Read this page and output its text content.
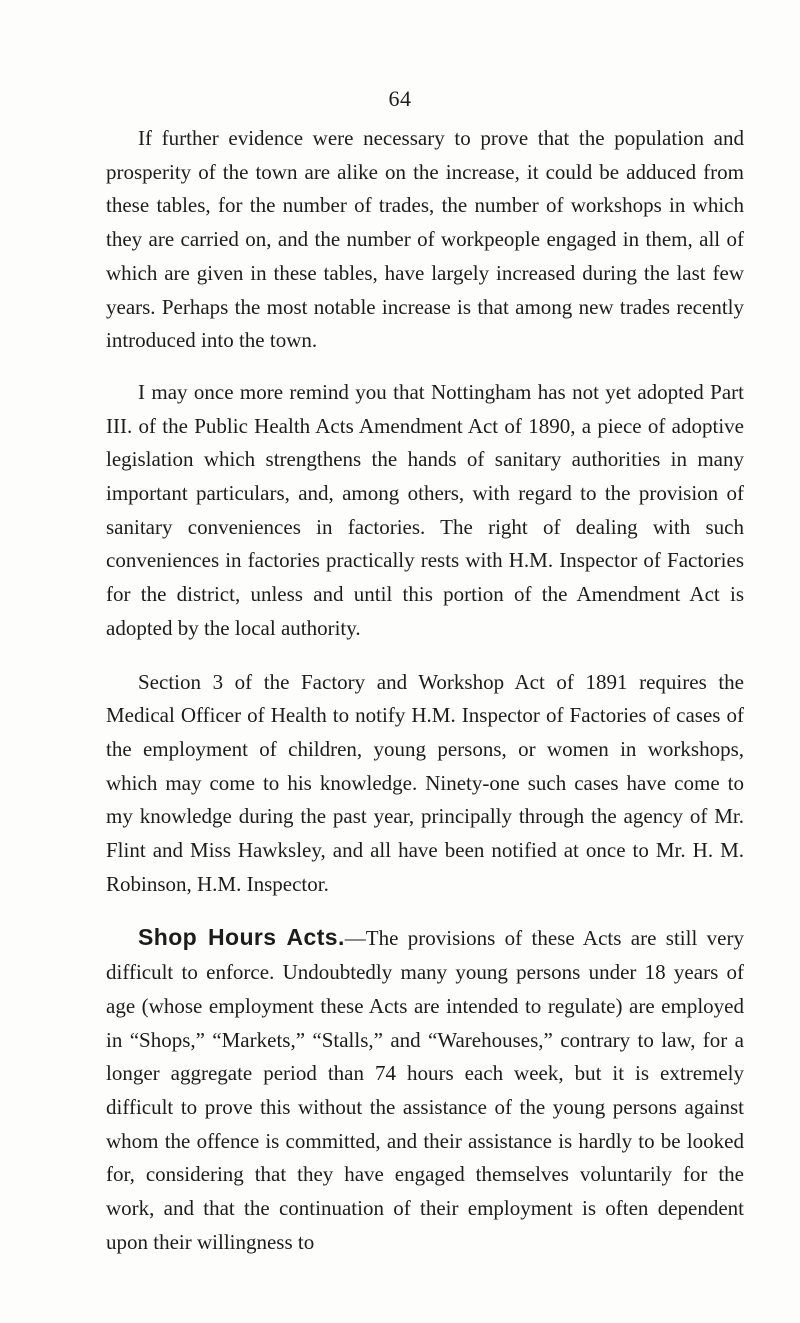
64

If further evidence were necessary to prove that the population and prosperity of the town are alike on the increase, it could be adduced from these tables, for the number of trades, the number of workshops in which they are carried on, and the number of workpeople engaged in them, all of which are given in these tables, have largely increased during the last few years. Perhaps the most notable increase is that among new trades recently introduced into the town.

I may once more remind you that Nottingham has not yet adopted Part III. of the Public Health Acts Amendment Act of 1890, a piece of adoptive legislation which strengthens the hands of sanitary authorities in many important particulars, and, among others, with regard to the provision of sanitary conveniences in factories. The right of dealing with such conveniences in factories practically rests with H.M. Inspector of Factories for the district, unless and until this portion of the Amendment Act is adopted by the local authority.

Section 3 of the Factory and Workshop Act of 1891 requires the Medical Officer of Health to notify H.M. Inspector of Factories of cases of the employment of children, young persons, or women in workshops, which may come to his knowledge. Ninety-one such cases have come to my knowledge during the past year, principally through the agency of Mr. Flint and Miss Hawksley, and all have been notified at once to Mr. H. M. Robinson, H.M. Inspector.

Shop Hours Acts.—The provisions of these Acts are still very difficult to enforce. Undoubtedly many young persons under 18 years of age (whose employment these Acts are intended to regulate) are employed in “Shops,” “Markets,” “Stalls,” and “Warehouses,” contrary to law, for a longer aggregate period than 74 hours each week, but it is extremely difficult to prove this without the assistance of the young persons against whom the offence is committed, and their assistance is hardly to be looked for, considering that they have engaged themselves voluntarily for the work, and that the continuation of their employment is often dependent upon their willingness to
